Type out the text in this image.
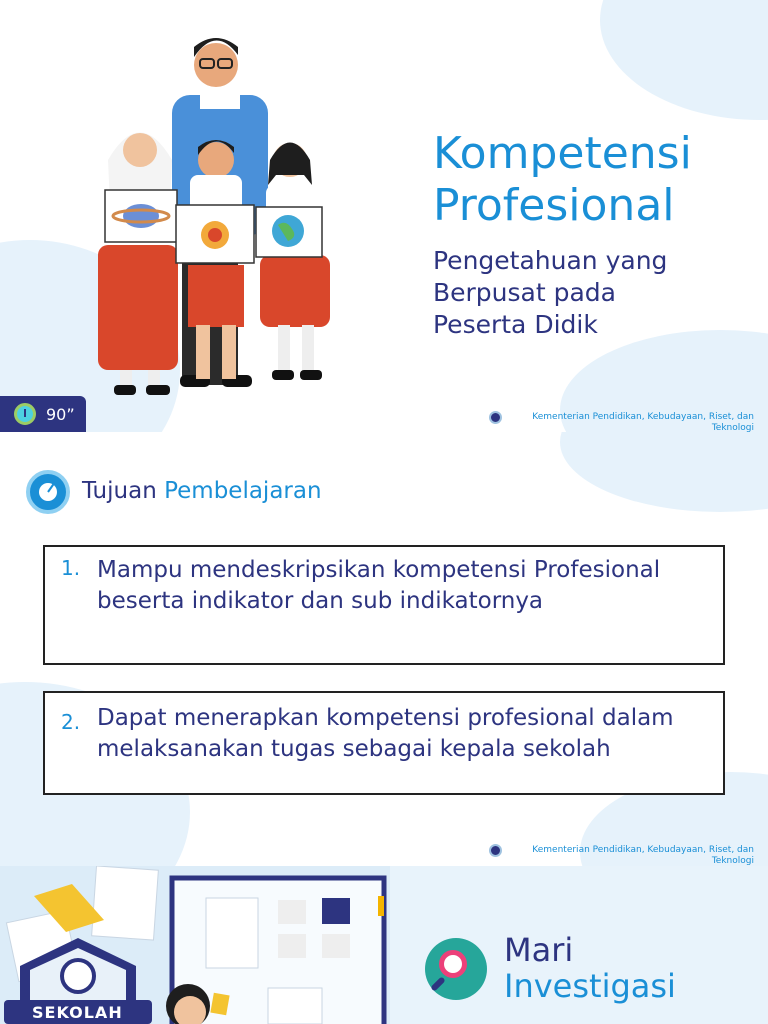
Kompetensi
Profesional
Pengetahuan yang
Berpusat pada
Peserta Didik
90”	Kementerian Pendidikan, Kebudayaan, Riset, dan
Teknologi
Tujuan Pembelajaran
1. Mampu mendeskripsikan kompetensi Profesional beserta indikator dan sub indikatornya
2. Dapat menerapkan kompetensi profesional dalam melaksanakan tugas sebagai kepala sekolah
Kementerian Pendidikan, Kebudayaan, Riset, dan
Teknologi
SEKOLAH
Mari
Investigasi
